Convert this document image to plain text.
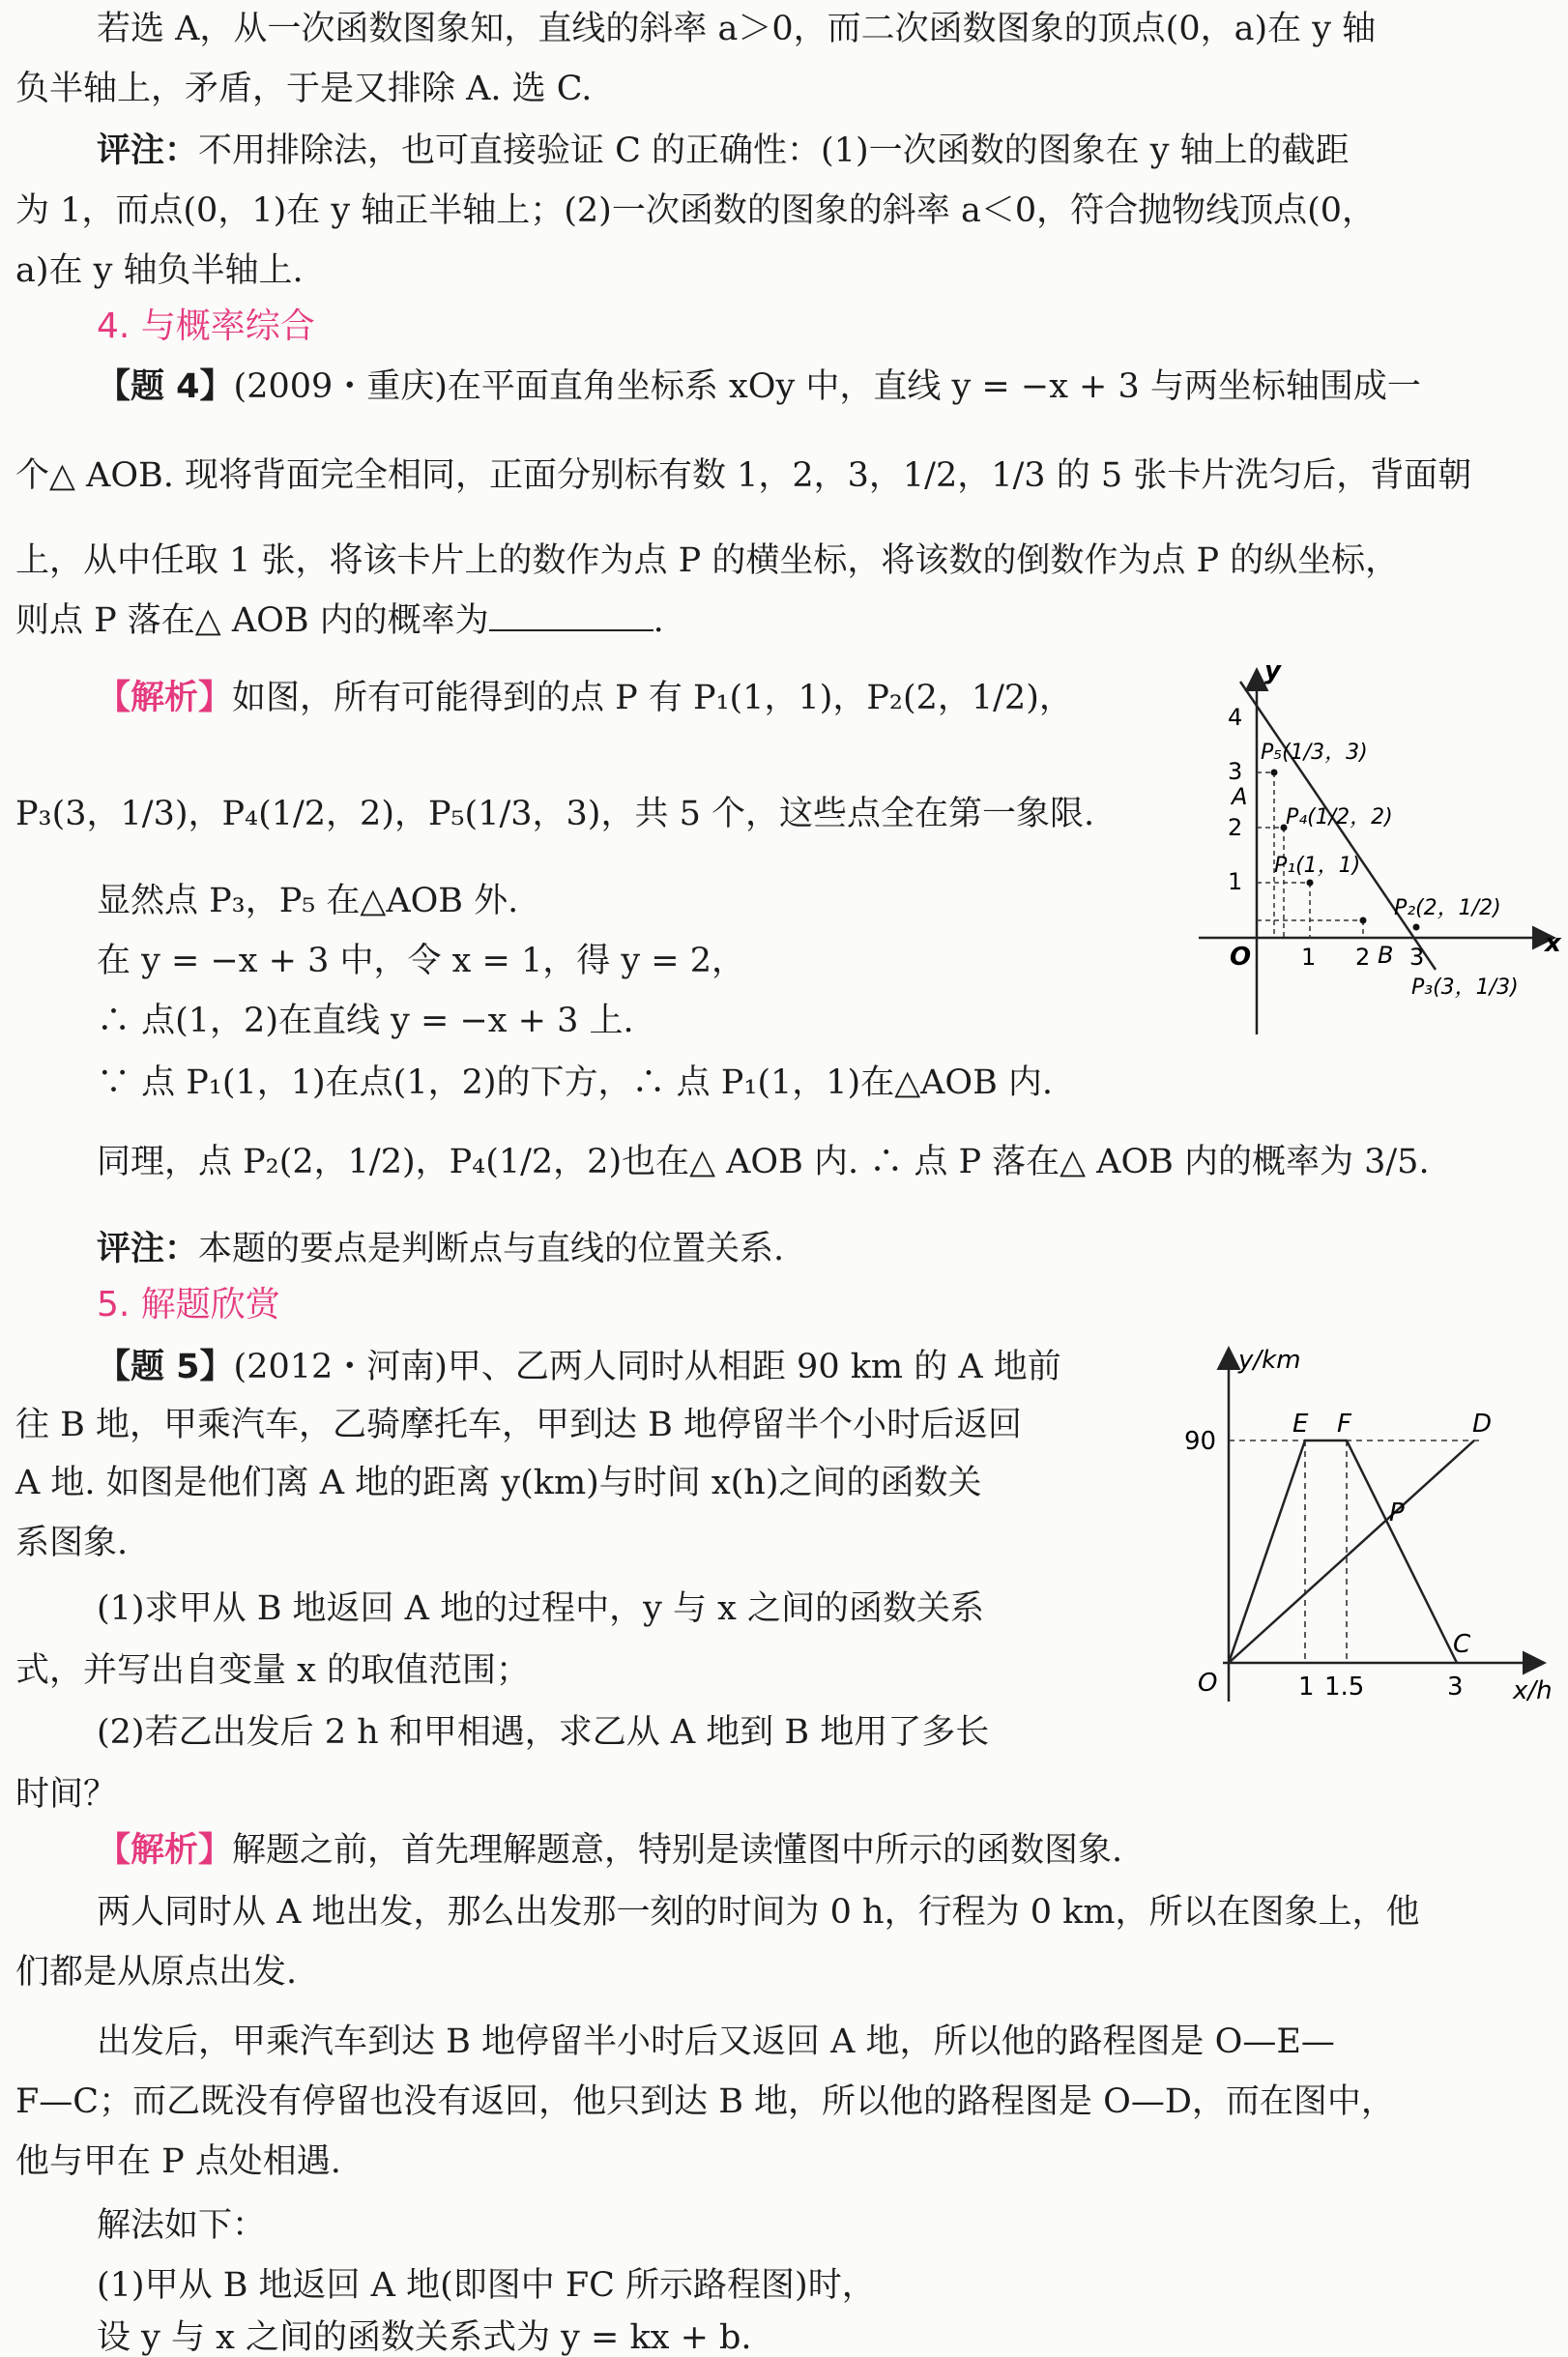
若选 A，从一次函数图象知，直线的斜率 a＞0，而二次函数图象的顶点(0，a)在 y 轴
负半轴上，矛盾，于是又排除 A. 选 C.
评注：不用排除法，也可直接验证 C 的正确性：(1)一次函数的图象在 y 轴上的截距
为 1，而点(0，1)在 y 轴正半轴上；(2)一次函数的图象的斜率 a＜0，符合抛物线顶点(0，
a)在 y 轴负半轴上.
4. 与概率综合
【题 4】(2009・重庆)在平面直角坐标系 xOy 中，直线 y = −x + 3 与两坐标轴围成一
个△ AOB. 现将背面完全相同，正面分别标有数 1，2，3，1/2，1/3 的 5 张卡片洗匀后，背面朝
上，从中任取 1 张，将该卡片上的数作为点 P 的横坐标，将该数的倒数作为点 P 的纵坐标，
则点 P 落在△ AOB 内的概率为	.
【解析】如图，所有可能得到的点 P 有 P₁(1，1)，P₂(2，1/2)，
P₃(3，1/3)，P₄(1/2，2)，P₅(1/3，3)，共 5 个，这些点全在第一象限.
显然点 P₃，P₅ 在△AOB 外.
在 y = −x + 3 中，令 x = 1，得 y = 2，
∴ 点(1，2)在直线 y = −x + 3 上.
∵ 点 P₁(1，1)在点(1，2)的下方，∴ 点 P₁(1，1)在△AOB 内.
同理，点 P₂(2，1/2)，P₄(1/2，2)也在△ AOB 内. ∴ 点 P 落在△ AOB 内的概率为 3/5.
评注：本题的要点是判断点与直线的位置关系.
5. 解题欣赏
【题 5】(2012・河南)甲、乙两人同时从相距 90 km 的 A 地前
往 B 地，甲乘汽车，乙骑摩托车，甲到达 B 地停留半个小时后返回
A 地. 如图是他们离 A 地的距离 y(km)与时间 x(h)之间的函数关
系图象.
(1)求甲从 B 地返回 A 地的过程中，y 与 x 之间的函数关系
式，并写出自变量 x 的取值范围；
(2)若乙出发后 2 h 和甲相遇，求乙从 A 地到 B 地用了多长
时间？
【解析】解题之前，首先理解题意，特别是读懂图中所示的函数图象.
两人同时从 A 地出发，那么出发那一刻的时间为 0 h，行程为 0 km，所以在图象上，他
们都是从原点出发.
出发后，甲乘汽车到达 B 地停留半小时后又返回 A 地，所以他的路程图是 O—E—
F—C；而乙既没有停留也没有返回，他只到达 B 地，所以他的路程图是 O—D，而在图中，
他与甲在 P 点处相遇.
解法如下：
(1)甲从 B 地返回 A 地(即图中 FC 所示路程图)时，
设 y 与 x 之间的函数关系式为 y = kx + b.
y
x
O
4
3
2
1
1 2 3
A
B
P₅(1/3，3)
P₄(1/2，2)
P₁(1，1)
P₂(2，1/2)
P₃(3，1/3)
y/km
x/h
O
90
1 1.5	3
E F	D
P
C
